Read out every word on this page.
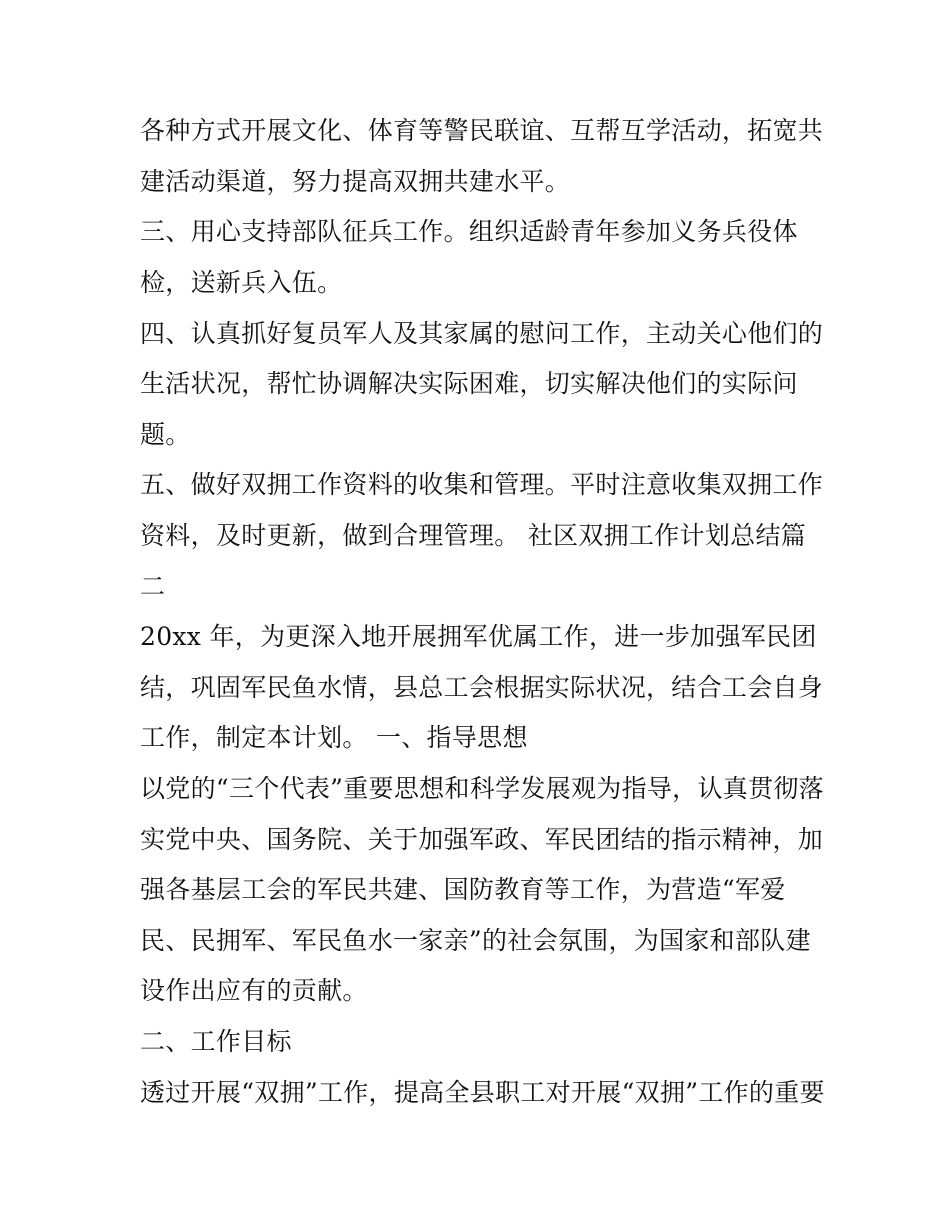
各种方式开展文化、体育等警民联谊、互帮互学活动，拓宽共
建活动渠道，努力提高双拥共建水平。
三、用心支持部队征兵工作。组织适龄青年参加义务兵役体
检，送新兵入伍。
四、认真抓好复员军人及其家属的慰问工作，主动关心他们的
生活状况，帮忙协调解决实际困难，切实解决他们的实际问
题。
五、做好双拥工作资料的收集和管理。平时注意收集双拥工作
资料，及时更新，做到合理管理。 社区双拥工作计划总结篇
二
20xx 年，为更深入地开展拥军优属工作，进一步加强军民团
结，巩固军民鱼水情，县总工会根据实际状况，结合工会自身
工作，制定本计划。 一、指导思想
以党的“三个代表”重要思想和科学发展观为指导，认真贯彻落
实党中央、国务院、关于加强军政、军民团结的指示精神，加
强各基层工会的军民共建、国防教育等工作，为营造“军爱
民、民拥军、军民鱼水一家亲”的社会氛围，为国家和部队建
设作出应有的贡献。
二、工作目标
透过开展“双拥”工作，提高全县职工对开展“双拥”工作的重要
